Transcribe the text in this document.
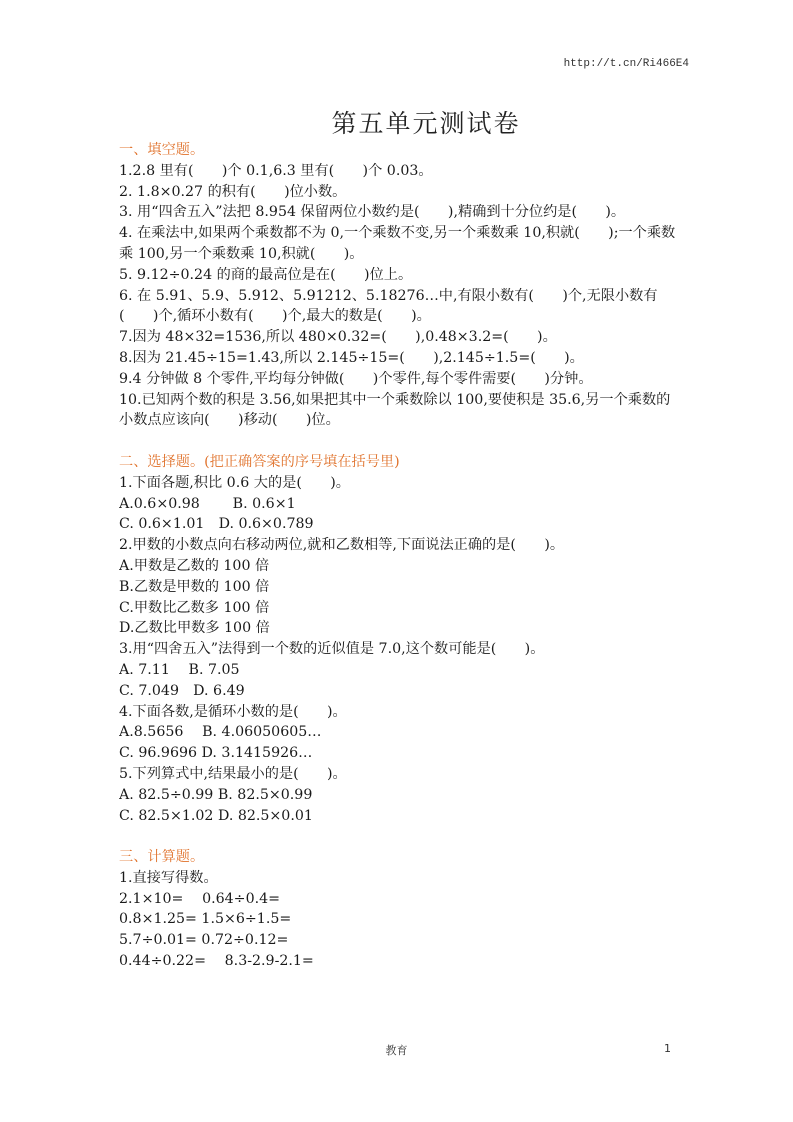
http://t.cn/Ri466E4
第五单元测试卷
一、填空题。
1.2.8 里有(　　)个 0.1,6.3 里有(　　)个 0.03。
2. 1.8×0.27 的积有(　　)位小数。
3. 用“四舍五入”法把 8.954 保留两位小数约是(　　),精确到十分位约是(　　)。
4. 在乘法中,如果两个乘数都不为 0,一个乘数不变,另一个乘数乘 10,积就(　　);一个乘数乘 100,另一个乘数乘 10,积就(　　)。
5. 9.12÷0.24 的商的最高位是在(　　)位上。
6. 在 5.91、5.9、5.912、5.91212、5.18276…中,有限小数有(　　)个,无限小数有(　　)个,循环小数有(　　)个,最大的数是(　　)。
7.因为 48×32=1536,所以 480×0.32=(　　),0.48×3.2=(　　)。
8.因为 21.45÷15=1.43,所以 2.145÷15=(　　),2.145÷1.5=(　　)。
9.4 分钟做 8 个零件,平均每分钟做(　　)个零件,每个零件需要(　　)分钟。
10.已知两个数的积是 3.56,如果把其中一个乘数除以 100,要使积是 35.6,另一个乘数的小数点应该向(　　)移动(　　)位。
二、选择题。(把正确答案的序号填在括号里)
1.下面各题,积比 0.6 大的是(　　)。
A.0.6×0.98　　 B. 0.6×1
C. 0.6×1.01　D. 0.6×0.789
2.甲数的小数点向右移动两位,就和乙数相等,下面说法正确的是(　　)。
A.甲数是乙数的 100 倍
B.乙数是甲数的 100 倍
C.甲数比乙数多 100 倍
D.乙数比甲数多 100 倍
3.用“四舍五入”法得到一个数的近似值是 7.0,这个数可能是(　　)。
A. 7.11　 B. 7.05
C. 7.049　D. 6.49
4.下面各数,是循环小数的是(　　)。
A.8.5656　 B. 4.06050605…
C. 96.9696 D. 3.1415926…
5.下列算式中,结果最小的是(　　)。
A. 82.5÷0.99 B. 82.5×0.99
C. 82.5×1.02 D. 82.5×0.01
三、计算题。
1.直接写得数。
2.1×10=　 0.64÷0.4=
0.8×1.25= 1.5×6÷1.5=
5.7÷0.01= 0.72÷0.12=
0.44÷0.22=　 8.3-2.9-2.1=
教育	1
